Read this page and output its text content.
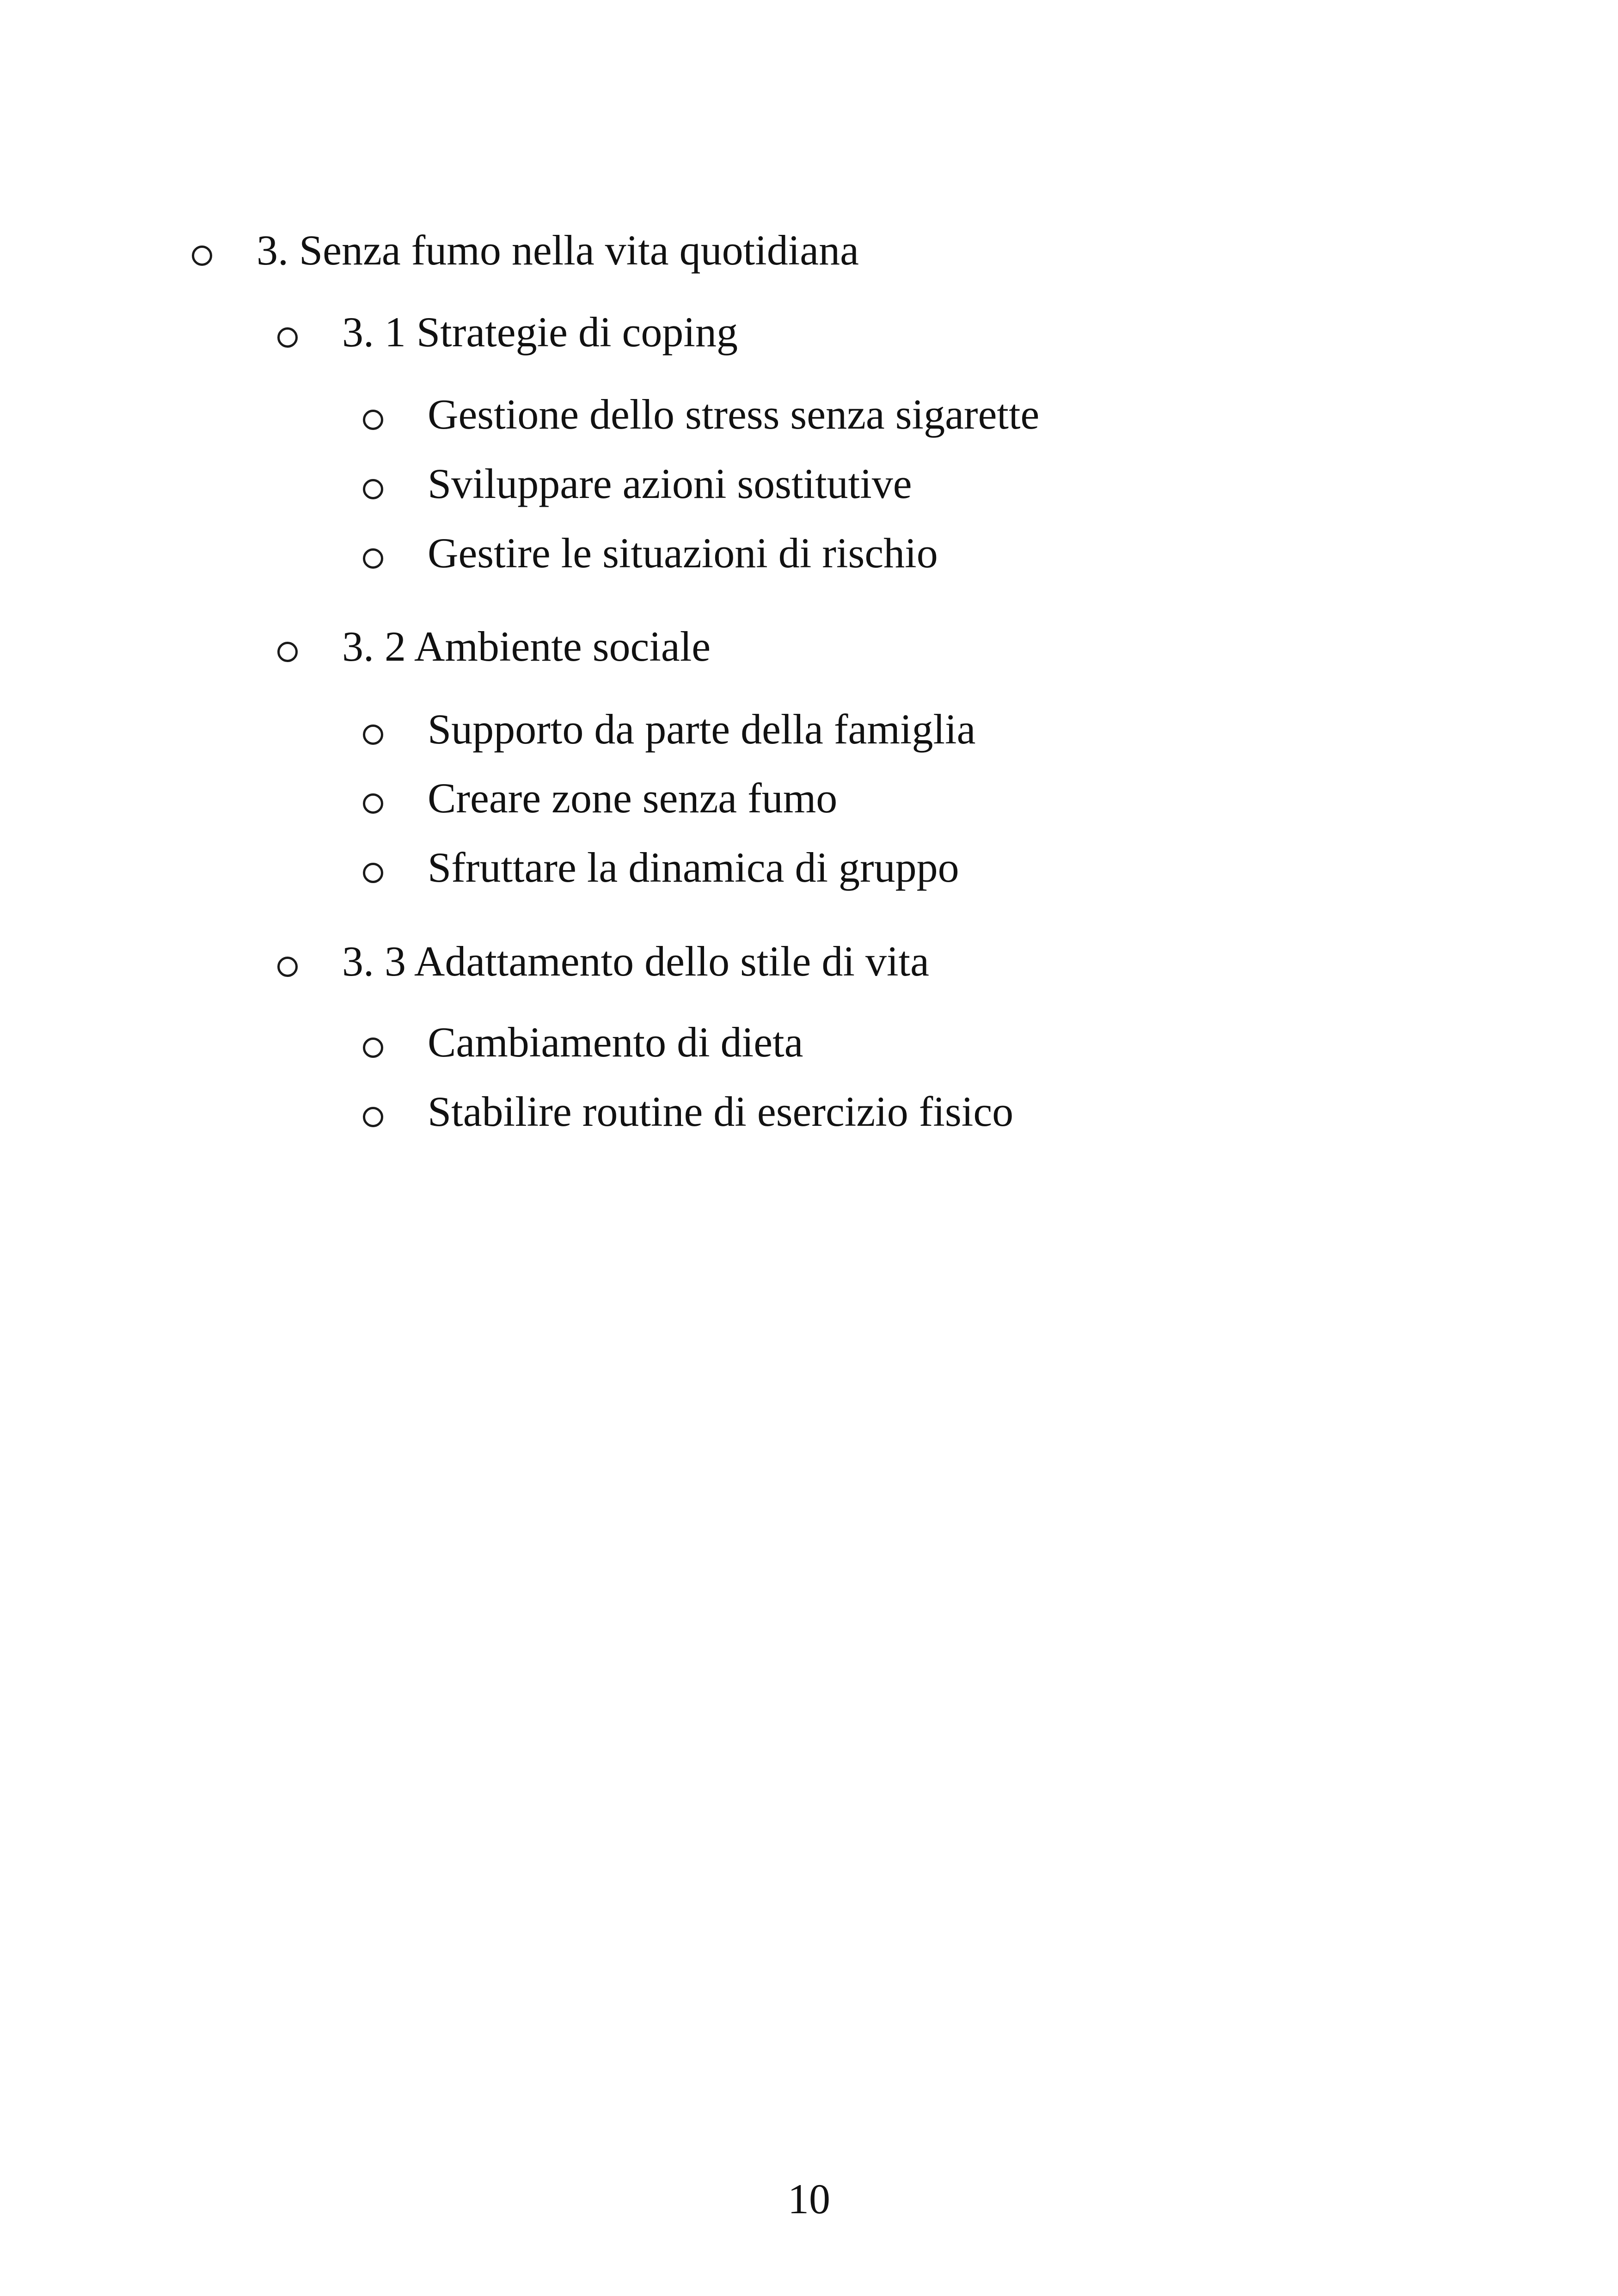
3. Senza fumo nella vita quotidiana
3. 1 Strategie di coping
Gestione dello stress senza sigarette
Sviluppare azioni sostitutive
Gestire le situazioni di rischio
3. 2 Ambiente sociale
Supporto da parte della famiglia
Creare zone senza fumo
Sfruttare la dinamica di gruppo
3. 3 Adattamento dello stile di vita
Cambiamento di dieta
Stabilire routine di esercizio fisico
10
